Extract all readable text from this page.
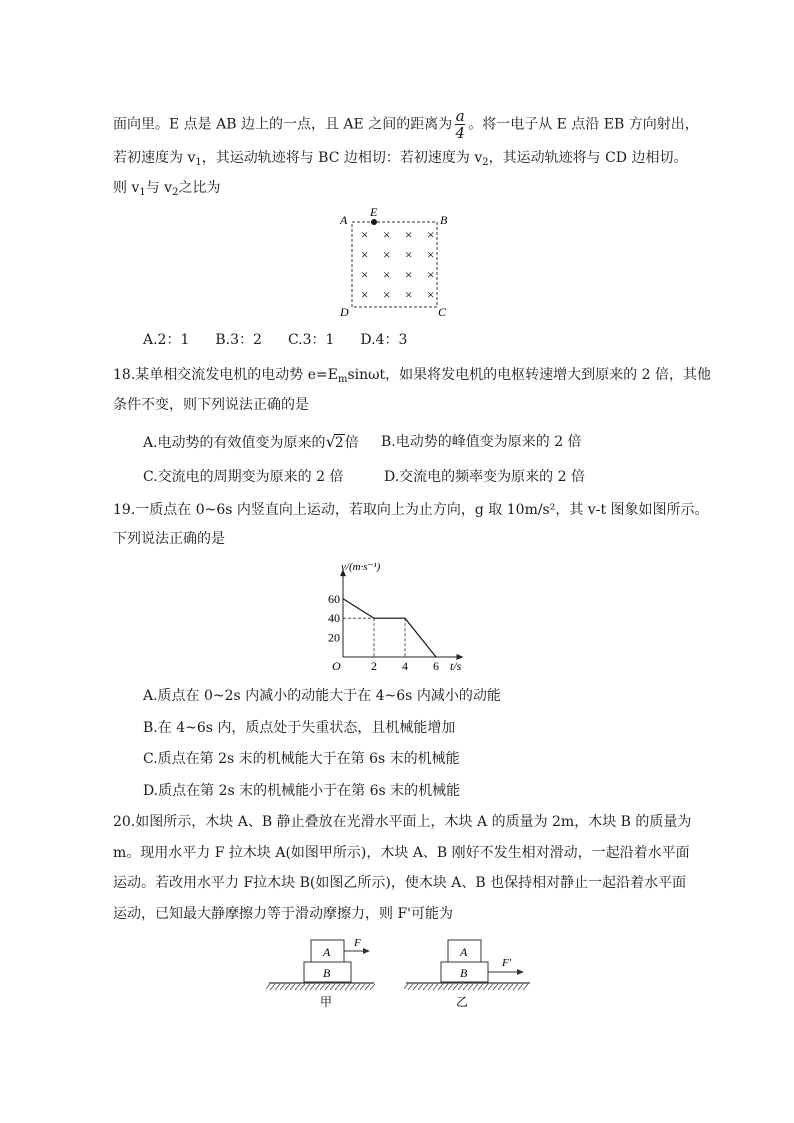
面向里。E 点是 AB 边上的一点，且 AE 之间的距离为 $\frac{a}{4}$ 。将一电子从 E 点沿 EB 方向射出，
若初速度为 $v_1$，其运动轨迹将与 BC 边相切：若初速度为 $v_2$，其运动轨迹将与 CD 边相切。
则 $v_1$与 $v_2$之比为
A
E
B
D	C
× × × ×
× × × ×
× × × ×
× × × ×
A.2：1 B.3：2 C.3：1 D.4：3
18.某单相交流发电机的电动势 $e=E_m\sin\omega t$，如果将发电机的电枢转速增大到原来的 2 倍，其他
条件不变，则下列说法正确的是
A.电动势的有效值变为原来的√2倍 B.电动势的峰值变为原来的 2 倍
C.交流电的周期变为原来的 2 倍	D.交流电的频率变为原来的 2 倍
19.一质点在 0~6s 内竖直向上运动，若取向上为止方向，g 取 10m/s²，其 v-t 图象如图所示。
下列说法正确的是
20
40
60
2 4 6
O	t/s
v/(m·s⁻¹)
A.质点在 0~2s 内减小的动能大于在 4~6s 内减小的动能
B.在 4~6s 内，质点处于失重状态，且机械能增加
C.质点在第 2s 末的机械能大于在第 6s 末的机械能
D.质点在第 2s 末的机械能小于在第 6s 末的机械能
20.如图所示，木块 A、B 静止叠放在光滑水平面上，木块 A 的质量为 2m，木块 B 的质量为
m。现用水平力 F 拉木块 A(如图甲所示)，木块 A、B 刚好不发生相对滑动，一起沿着水平面
运动。若改用水平力 F拉木块 B(如图乙所示)，使木块 A、B 也保持相对静止一起沿着水平面
运动，已知最大静摩擦力等于滑动摩擦力，则 F'可能为
A
B
F
甲
A
B
F'
乙
